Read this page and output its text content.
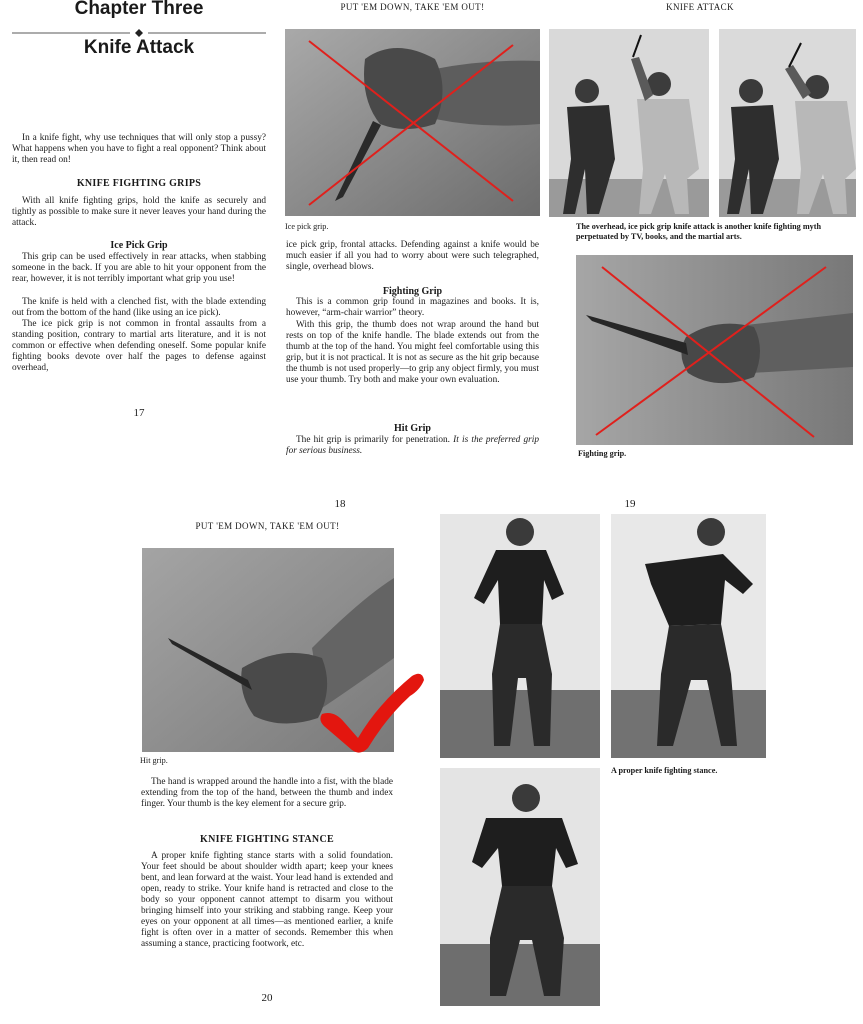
Chapter Three
Knife Attack

In a knife fight, why use techniques that will only stop a pussy? What happens when you have to fight a real opponent? Think about it, then read on!

KNIFE FIGHTING GRIPS

With all knife fighting grips, hold the knife as securely and tightly as possible to make sure it never leaves your hand during the attack.

Ice Pick Grip

This grip can be used effectively in rear attacks, when stabbing someone in the back. If you are able to hit your opponent from the rear, however, it is not terribly important what grip you use!

The knife is held with a clenched fist, with the blade extending out from the bottom of the hand (like using an ice pick).

The ice pick grip is not common in frontal assaults from a standing position, contrary to martial arts literature, and it is not common or effective when defending oneself. Some popular knife fighting books devote over half the pages to defense against overhead,

17
PUT 'EM DOWN, TAKE 'EM OUT!
Ice pick grip.

ice pick grip, frontal attacks. Defending against a knife would be much easier if all you had to worry about were such telegraphed, single, overhead blows.

Fighting Grip

This is a common grip found in magazines and books. It is, however, “arm-chair warrior” theory.

With this grip, the thumb does not wrap around the hand but rests on top of the knife handle. The blade extends out from the thumb at the top of the hand. You might feel comfortable using this grip, but it is not practical. It is not as secure as the hit grip because the thumb is not used properly—to grip any object firmly, you must use your thumb. Try both and make your own evaluation.

Hit Grip

The hit grip is primarily for penetration. It is the preferred grip for serious business.

18
KNIFE ATTACK
The overhead, ice pick grip knife attack is another knife fighting myth perpetuated by TV, books, and the martial arts.
Fighting grip.
19
PUT 'EM DOWN, TAKE 'EM OUT!
Hit grip.

The hand is wrapped around the handle into a fist, with the blade extending from the top of the hand, between the thumb and index finger. Your thumb is the key element for a secure grip.

KNIFE FIGHTING STANCE

A proper knife fighting stance starts with a solid foundation. Your feet should be about shoulder width apart; keep your knees bent, and lean forward at the waist. Your lead hand is extended and open, ready to strike. Your knife hand is retracted and close to the body so your opponent cannot attempt to disarm you without bringing himself into your striking and stabbing range. Keep your eyes on your opponent at all times—as mentioned earlier, a knife fight is often over in a matter of seconds. Remember this when assuming a stance, practicing footwork, etc.

20
A proper knife fighting stance.
